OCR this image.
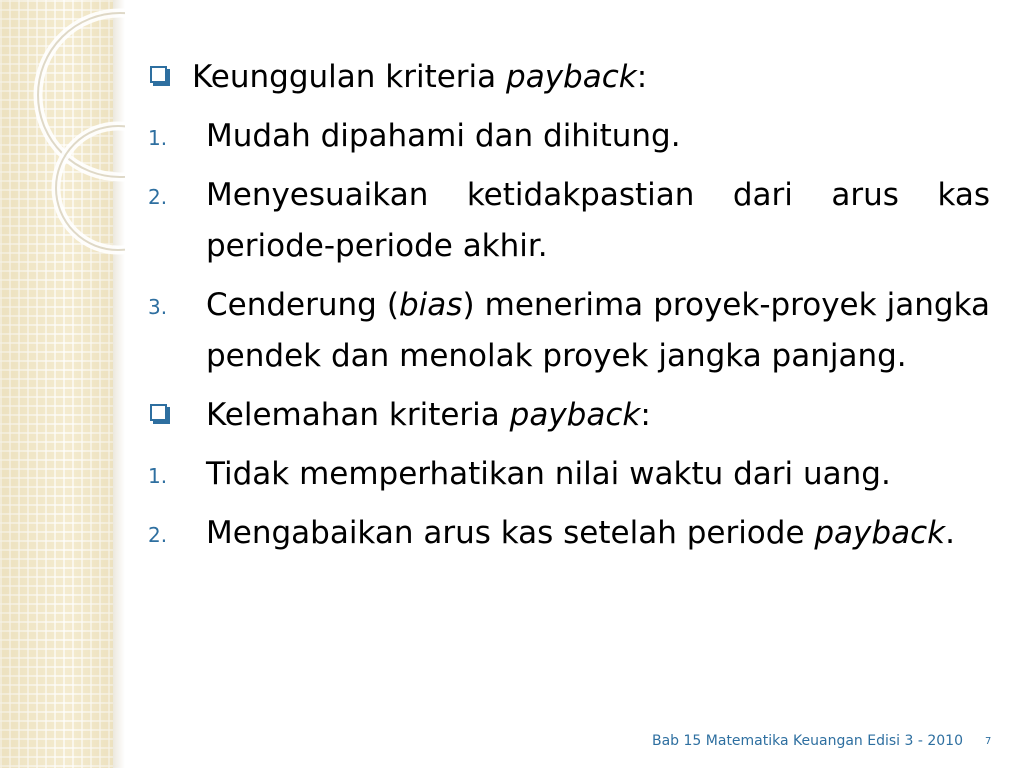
Keunggulan kriteria payback:
1. Mudah dipahami dan dihitung.
2. Menyesuaikan ketidakpastian dari arus kas periode-periode akhir.
3. Cenderung (bias) menerima proyek-proyek jangka pendek dan menolak proyek jangka panjang.
Kelemahan kriteria payback:
1. Tidak memperhatikan nilai waktu dari uang.
2. Mengabaikan arus kas setelah periode payback.
Bab 15 Matematika Keuangan Edisi 3 - 2010 7
